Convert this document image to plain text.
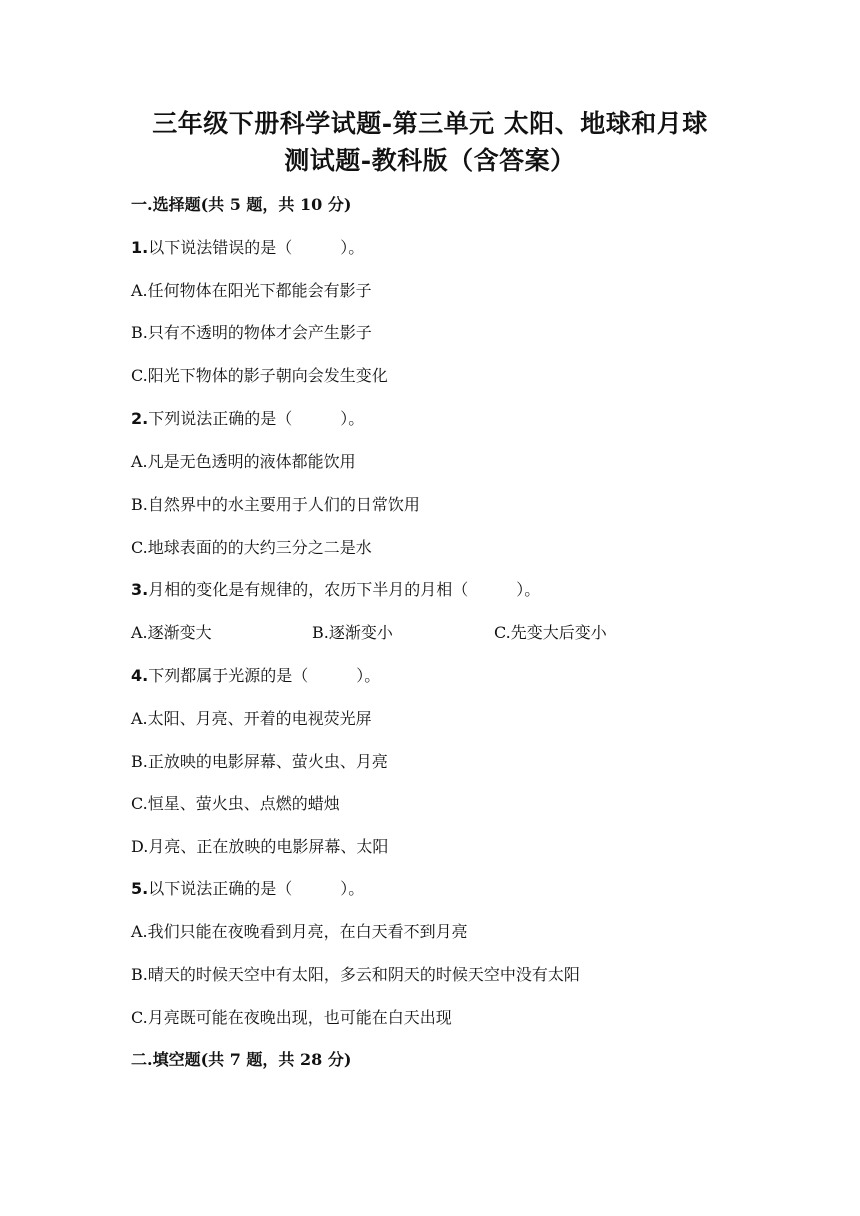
三年级下册科学试题-第三单元 太阳、地球和月球
测试题-教科版（含答案）
一.选择题(共 5 题，共 10 分)
1.以下说法错误的是（	）。
A.任何物体在阳光下都能会有影子
B.只有不透明的物体才会产生影子
C.阳光下物体的影子朝向会发生变化
2.下列说法正确的是（	）。
A.凡是无色透明的液体都能饮用
B.自然界中的水主要用于人们的日常饮用
C.地球表面的的大约三分之二是水
3.月相的变化是有规律的，农历下半月的月相（	）。
A.逐渐变大	B.逐渐变小	C.先变大后变小
4.下列都属于光源的是（	）。
A.太阳、月亮、开着的电视荧光屏
B.正放映的电影屏幕、萤火虫、月亮
C.恒星、萤火虫、点燃的蜡烛
D.月亮、正在放映的电影屏幕、太阳
5.以下说法正确的是（	）。
A.我们只能在夜晚看到月亮，在白天看不到月亮
B.晴天的时候天空中有太阳，多云和阴天的时候天空中没有太阳
C.月亮既可能在夜晚出现，也可能在白天出现
二.填空题(共 7 题，共 28 分)
